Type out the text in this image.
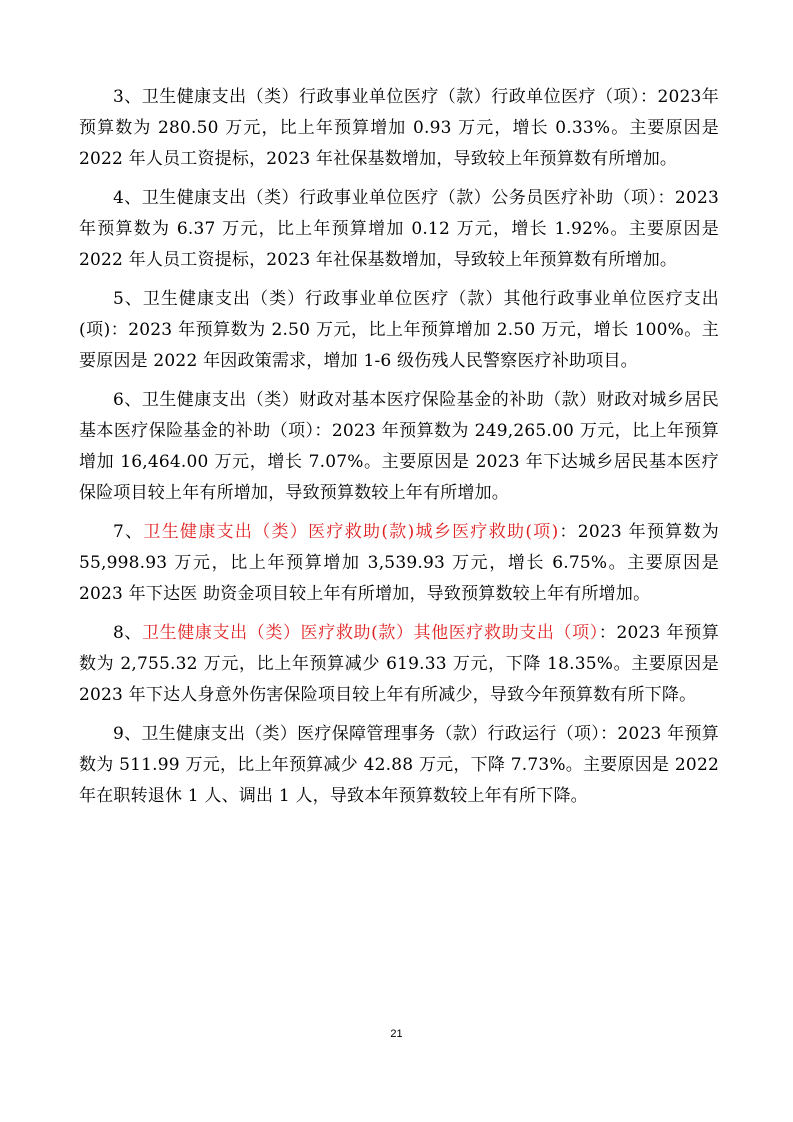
3、卫生健康支出（类）行政事业单位医疗（款）行政单位医疗（项）：2023年预算数为 280.50 万元，比上年预算增加 0.93 万元，增长 0.33%。主要原因是 2022 年人员工资提标，2023 年社保基数增加，导致较上年预算数有所增加。

4、卫生健康支出（类）行政事业单位医疗（款）公务员医疗补助（项）：2023 年预算数为 6.37 万元，比上年预算增加 0.12 万元，增长 1.92%。主要原因是 2022 年人员工资提标，2023 年社保基数增加，导致较上年预算数有所增加。

5、卫生健康支出（类）行政事业单位医疗（款）其他行政事业单位医疗支出(项)：2023 年预算数为 2.50 万元，比上年预算增加 2.50 万元，增长 100%。主要原因是 2022 年因政策需求，增加 1-6 级伤残人民警察医疗补助项目。

6、卫生健康支出（类）财政对基本医疗保险基金的补助（款）财政对城乡居民基本医疗保险基金的补助（项）：2023 年预算数为 249,265.00 万元，比上年预算增加 16,464.00 万元，增长 7.07%。主要原因是 2023 年下达城乡居民基本医疗保险项目较上年有所增加，导致预算数较上年有所增加。

7、卫生健康支出（类）医疗救助(款)城乡医疗救助(项)：2023 年预算数为 55,998.93 万元，比上年预算增加 3,539.93 万元，增长 6.75%。主要原因是 2023 年下达医 助资金项目较上年有所增加，导致预算数较上年有所增加。

8、卫生健康支出（类）医疗救助(款）其他医疗救助支出（项）：2023 年预算数为 2,755.32 万元，比上年预算减少 619.33 万元，下降 18.35%。主要原因是 2023 年下达人身意外伤害保险项目较上年有所减少，导致今年预算数有所下降。

9、卫生健康支出（类）医疗保障管理事务（款）行政运行（项）：2023 年预算数为 511.99 万元，比上年预算减少 42.88 万元，下降 7.73%。主要原因是 2022 年在职转退休 1 人、调出 1 人，导致本年预算数较上年有所下降。

21
